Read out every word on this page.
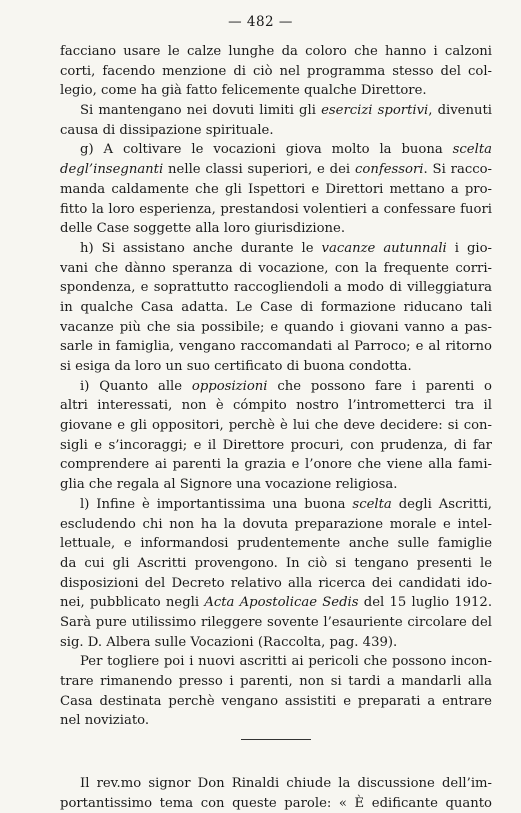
— 482 —
facciano usare le calze lunghe da coloro che hanno i calzoni
corti, facendo menzione di ciò nel programma stesso del col-
legio, come ha già fatto felicemente qualche Direttore.
Si mantengano nei dovuti limiti gli esercizi sportivi, divenuti
causa di dissipazione spirituale.
g) A coltivare le vocazioni giova molto la buona scelta
degl’insegnanti nelle classi superiori, e dei confessori. Si racco-
manda caldamente che gli Ispettori e Direttori mettano a pro-
fitto la loro esperienza, prestandosi volentieri a confessare fuori
delle Case soggette alla loro giurisdizione.
h) Si assistano anche durante le vacanze autunnali i gio-
vani che dànno speranza di vocazione, con la frequente corri-
spondenza, e soprattutto raccogliendoli a modo di villeggiatura
in qualche Casa adatta. Le Case di formazione riducano tali
vacanze più che sia possibile; e quando i giovani vanno a pas-
sarle in famiglia, vengano raccomandati al Parroco; e al ritorno
si esiga da loro un suo certificato di buona condotta.
i) Quanto alle opposizioni che possono fare i parenti o
altri interessati, non è cómpito nostro l’intrometterci tra il
giovane e gli oppositori, perchè è lui che deve decidere: si con-
sigli e s’incoraggi; e il Direttore procuri, con prudenza, di far
comprendere ai parenti la grazia e l’onore che viene alla fami-
glia che regala al Signore una vocazione religiosa.
l) Infine è importantissima una buona scelta degli Ascritti,
escludendo chi non ha la dovuta preparazione morale e intel-
lettuale, e informandosi prudentemente anche sulle famiglie
da cui gli Ascritti provengono. In ciò si tengano presenti le
disposizioni del Decreto relativo alla ricerca dei candidati ido-
nei, pubblicato negli Acta Apostolicae Sedis del 15 luglio 1912.
Sarà pure utilissimo rileggere sovente l’esauriente circolare del
sig. D. Albera sulle Vocazioni (Raccolta, pag. 439).
Per togliere poi i nuovi ascritti ai pericoli che possono incon-
trare rimanendo presso i parenti, non si tardi a mandarli alla
Casa destinata perchè vengano assistiti e preparati a entrare
nel noviziato.
Il rev.mo signor Don Rinaldi chiude la discussione dell’im-
portantissimo tema con queste parole: « È edificante quanto
